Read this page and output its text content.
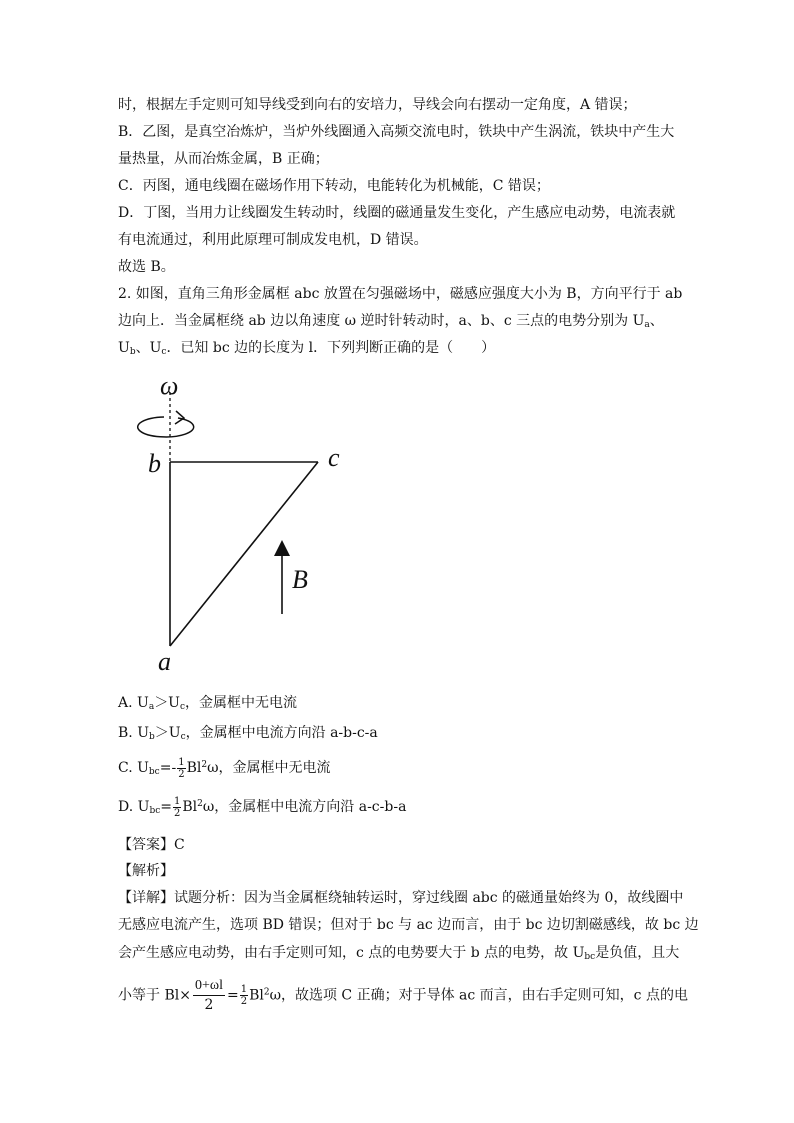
时，根据左手定则可知导线受到向右的安培力，导线会向右摆动一定角度，A 错误；
B．乙图，是真空冶炼炉，当炉外线圈通入高频交流电时，铁块中产生涡流，铁块中产生大
量热量，从而冶炼金属，B 正确；
C．丙图，通电线圈在磁场作用下转动，电能转化为机械能，C 错误；
D．丁图，当用力让线圈发生转动时，线圈的磁通量发生变化，产生感应电动势，电流表就
有电流通过，利用此原理可制成发电机，D 错误。
故选 B。
2. 如图，直角三角形金属框 abc 放置在匀强磁场中，磁感应强度大小为 B，方向平行于 ab
边向上．当金属框绕 ab 边以角速度 ω 逆时针转动时，a、b、c 三点的电势分别为 $U_a$、
$U_b$、$U_c$．已知 bc 边的长度为 l．下列判断正确的是（　　）
ω
b	c
a
B
A. $U_a>U_c$，金属框中无电流
B. $U_b>U_c$，金属框中电流方向沿 a-b-c-a
C. $U_{bc}=- \frac{1}{2} Bl^2\omega$，金属框中无电流
D. $U_{bc}= \frac{1}{2} Bl^2\omega$，金属框中电流方向沿 a-c-b-a
【答案】C
【解析】
【详解】试题分析：因为当金属框绕轴转运时，穿过线圈 abc 的磁通量始终为 0，故线圈中
无感应电流产生，选项 BD 错误；但对于 bc 与 ac 边而言，由于 bc 边切割磁感线，故 bc 边
会产生感应电动势，由右手定则可知，c 点的电势要大于 b 点的电势，故 $U_{bc}$是负值，且大
小等于 $Bl\times \frac{0+\omega l}{2} = \frac{1}{2} Bl^2\omega$，故选项 C 正确；对于导体 ac 而言，由右手定则可知，c 点的电
